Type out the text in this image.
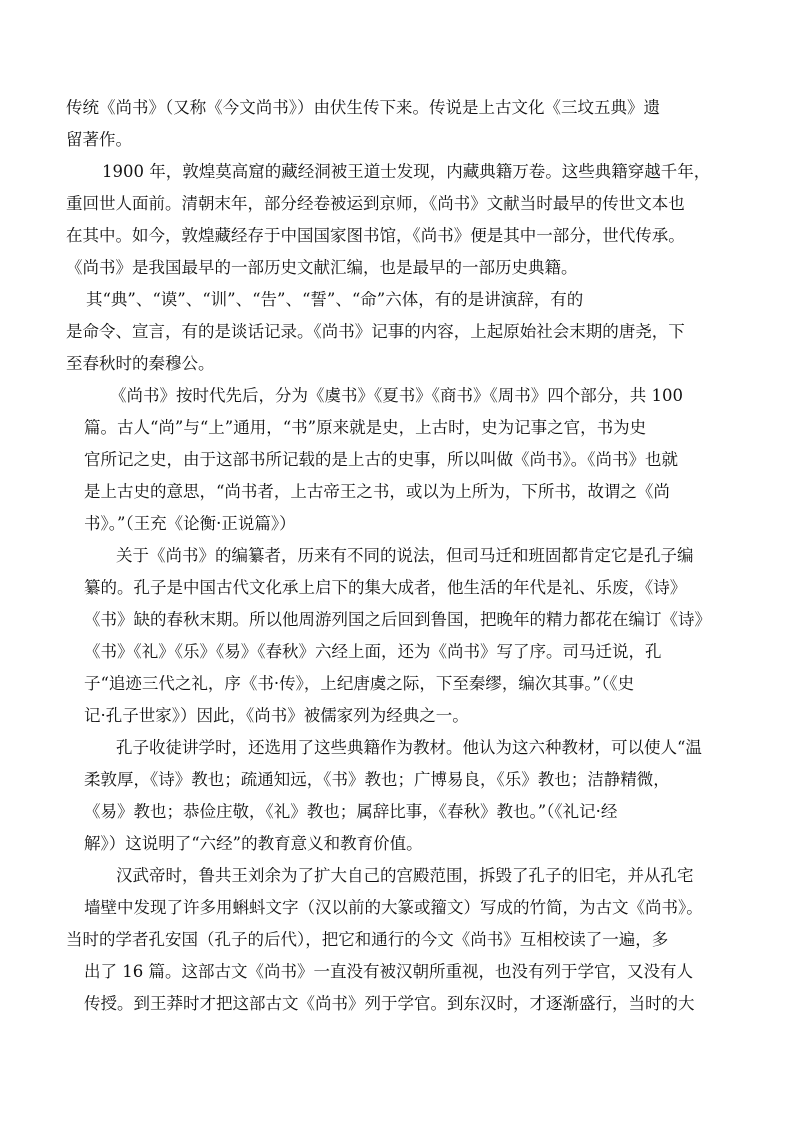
传统《尚书》（又称《今文尚书》）由伏生传下来。传说是上古文化《三坟五典》遗
留著作。
1900 年，敦煌莫高窟的藏经洞被王道士发现，内藏典籍万卷。这些典籍穿越千年，
重回世人面前。清朝末年，部分经卷被运到京师，《尚书》文献当时最早的传世文本也
在其中。如今，敦煌藏经存于中国国家图书馆，《尚书》便是其中一部分，世代传承。
《尚书》是我国最早的一部历史文献汇编，也是最早的一部历史典籍。
其“典”、“谟”、“训”、“告”、“誓”、“命”六体，有的是讲演辞，有的
是命令、宣言，有的是谈话记录。《尚书》记事的内容，上起原始社会末期的唐尧，下
至春秋时的秦穆公。
《尚书》按时代先后，分为《虞书》《夏书》《商书》《周书》四个部分，共 100
篇。古人“尚”与“上”通用，“书”原来就是史，上古时，史为记事之官，书为史
官所记之史，由于这部书所记载的是上古的史事，所以叫做《尚书》。《尚书》也就
是上古史的意思，“尚书者，上古帝王之书，或以为上所为，下所书，故谓之《尚
书》。”（王充《论衡·正说篇》）
关于《尚书》的编纂者，历来有不同的说法，但司马迁和班固都肯定它是孔子编
纂的。孔子是中国古代文化承上启下的集大成者，他生活的年代是礼、乐废，《诗》
《书》缺的春秋末期。所以他周游列国之后回到鲁国，把晚年的精力都花在编订《诗》
《书》《礼》《乐》《易》《春秋》六经上面，还为《尚书》写了序。司马迁说，孔
子“追迹三代之礼，序《书·传》，上纪唐虞之际，下至秦缪，编次其事。”（《史
记·孔子世家》）因此，《尚书》被儒家列为经典之一。
孔子收徒讲学时，还选用了这些典籍作为教材。他认为这六种教材，可以使人“温
柔敦厚，《诗》教也；疏通知远，《书》教也；广博易良，《乐》教也；洁静精微，
《易》教也；恭俭庄敬，《礼》教也；属辞比事，《春秋》教也。”（《礼记·经
解》）这说明了“六经”的教育意义和教育价值。
汉武帝时，鲁共王刘余为了扩大自己的宫殿范围，拆毁了孔子的旧宅，并从孔宅
墙壁中发现了许多用蝌蚪文字（汉以前的大篆或籀文）写成的竹简，为古文《尚书》。
当时的学者孔安国（孔子的后代），把它和通行的今文《尚书》互相校读了一遍，多
出了 16 篇。这部古文《尚书》一直没有被汉朝所重视，也没有列于学官，又没有人
传授。到王莽时才把这部古文《尚书》列于学官。到东汉时，才逐渐盛行，当时的大
